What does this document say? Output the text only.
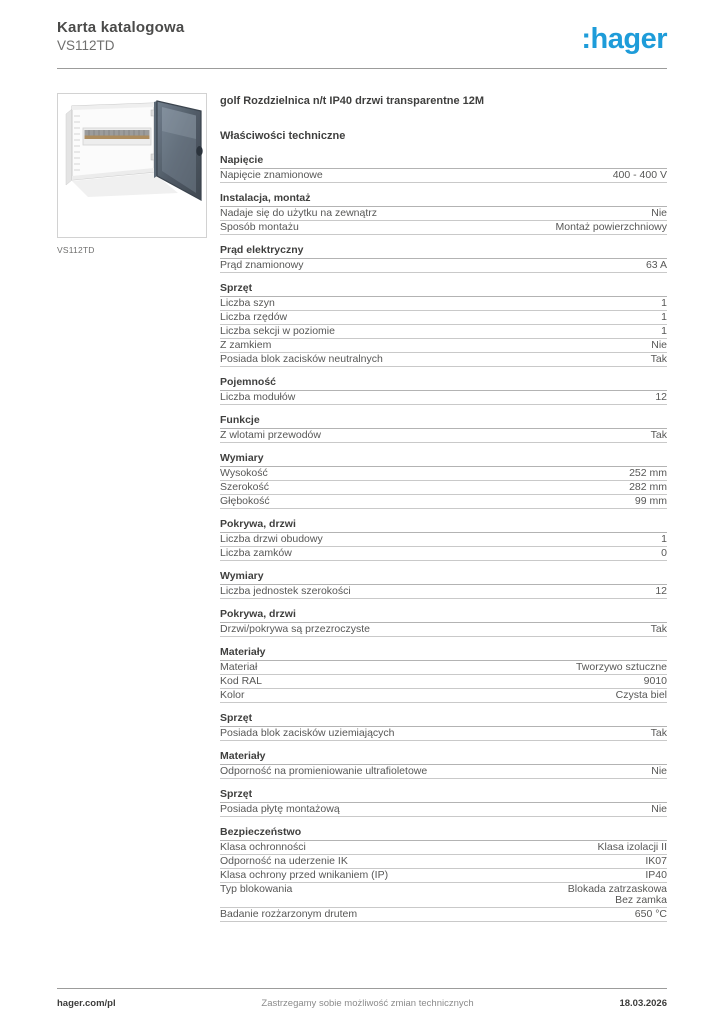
Karta katalogowa
VS112TD	:hager
VS112TD
golf Rozdzielnica n/t IP40 drzwi transparentne 12M
Właściwości techniczne
Napięcie
Napięcie znamionowe	400 - 400 V
Instalacja, montaż
Nadaje się do użytku na zewnątrz	Nie
Sposób montażu	Montaż powierzchniowy
Prąd elektryczny
Prąd znamionowy	63 A
Sprzęt
Liczba szyn	1
Liczba rzędów	1
Liczba sekcji w poziomie	1
Z zamkiem	Nie
Posiada blok zacisków neutralnych	Tak
Pojemność
Liczba modułów	12
Funkcje
Z wlotami przewodów	Tak
Wymiary
Wysokość	252 mm
Szerokość	282 mm
Głębokość	99 mm
Pokrywa, drzwi
Liczba drzwi obudowy	1
Liczba zamków	0
Wymiary
Liczba jednostek szerokości	12
Pokrywa, drzwi
Drzwi/pokrywa są przezroczyste	Tak
Materiały
Materiał	Tworzywo sztuczne
Kod RAL	9010
Kolor	Czysta biel
Sprzęt
Posiada blok zacisków uziemiających	Tak
Materiały
Odporność na promieniowanie ultrafioletowe	Nie
Sprzęt
Posiada płytę montażową	Nie
Bezpieczeństwo
Klasa ochronności	Klasa izolacji II
Odporność na uderzenie IK	IK07
Klasa ochrony przed wnikaniem (IP)	IP40
Typ blokowania	Blokada zatrzaskowa
Bez zamka
Badanie rozżarzonym drutem	650 °C
hager.com/pl	Zastrzegamy sobie możliwość zmian technicznych	18.03.2026
